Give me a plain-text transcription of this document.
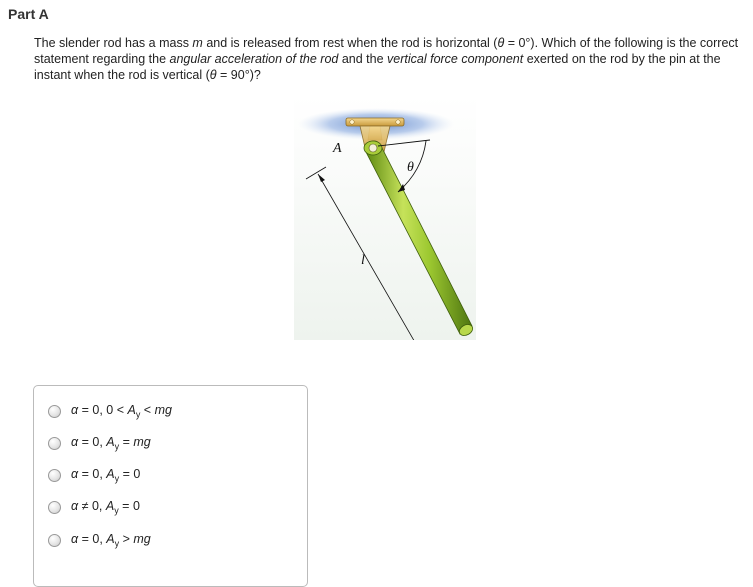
Part A
The slender rod has a mass m and is released from rest when the rod is horizontal (θ = 0°). Which of the following is the correct statement regarding the angular acceleration of the rod and the vertical force component exerted on the rod by the pin at the instant when the rod is vertical (θ = 90°)?
A
θ
l
α = 0, $0 < A_y$ < mg
α = 0, $A_y$ = mg
α = 0, $A_y = 0$
α ≠ 0, $A_y = 0$
α = 0, $A_y$ > mg
